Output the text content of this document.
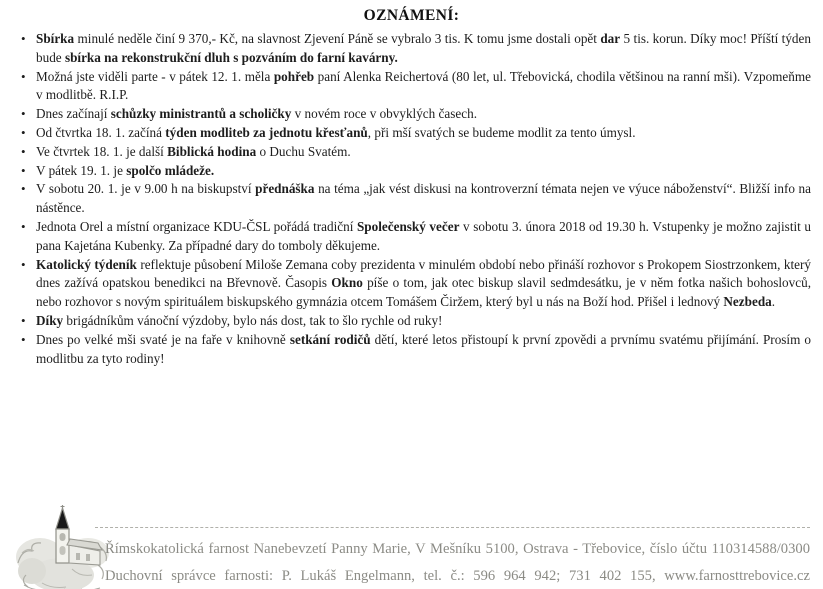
OZNÁMENÍ:
• Sbírka minulé neděle činí 9 370,- Kč, na slavnost Zjevení Páně se vybralo 3 tis. K tomu jsme dostali opět dar 5 tis. korun. Díky moc! Příští týden bude sbírka na rekonstrukční dluh s pozváním do farní kavárny.
• Možná jste viděli parte - v pátek 12. 1. měla pohřeb paní Alenka Reichertová (80 let, ul. Třebovická, chodila většinou na ranní mši). Vzpomeňme v modlitbě. R.I.P.
• Dnes začínají schůzky ministrantů a scholičky v novém roce v obvyklých časech.
• Od čtvrtka 18. 1. začíná týden modliteb za jednotu křesťanů, při mší svatých se budeme modlit za tento úmysl.
• Ve čtvrtek 18. 1. je další Biblická hodina o Duchu Svatém.
• V pátek 19. 1. je spolčo mládeže.
• V sobotu 20. 1. je v 9.00 h na biskupství přednáška na téma „jak vést diskusi na kontroverzní témata nejen ve výuce náboženství“. Bližší info na nástěnce.
• Jednota Orel a místní organizace KDU-ČSL pořádá tradiční Společenský večer v sobotu 3. února 2018 od 19.30 h. Vstupenky je možno zajistit u pana Kajetána Kubenky. Za případné dary do tomboly děkujeme.
• Katolický týdeník reflektuje působení Miloše Zemana coby prezidenta v minulém období nebo přináší rozhovor s Prokopem Siostrzonkem, který dnes zažívá opatskou benedikci na Břevnově. Časopis Okno píše o tom, jak otec biskup slavil sedmdesátku, je v něm fotka našich bohoslovců, nebo rozhovor s novým spirituálem biskupského gymnázia otcem Tomášem Čiržem, který byl u nás na Boží hod. Přišel i lednový Nezbeda.
• Díky brigádníkům vánoční výzdoby, bylo nás dost, tak to šlo rychle od ruky!
• Dnes po velké mši svaté je na faře v knihovně setkání rodičů dětí, které letos přistoupí k první zpovědi a prvnímu svatému přijímání. Prosím o modlitbu za tyto rodiny!
Římskokatolická farnost Nanebevzetí Panny Marie, V Mešníku 5100, Ostrava - Třebovice, číslo účtu 110314588/0300
Duchovní správce farnosti: P. Lukáš Engelmann, tel. č.: 596 964 942; 731 402 155, www.farnosttrebovice.cz
